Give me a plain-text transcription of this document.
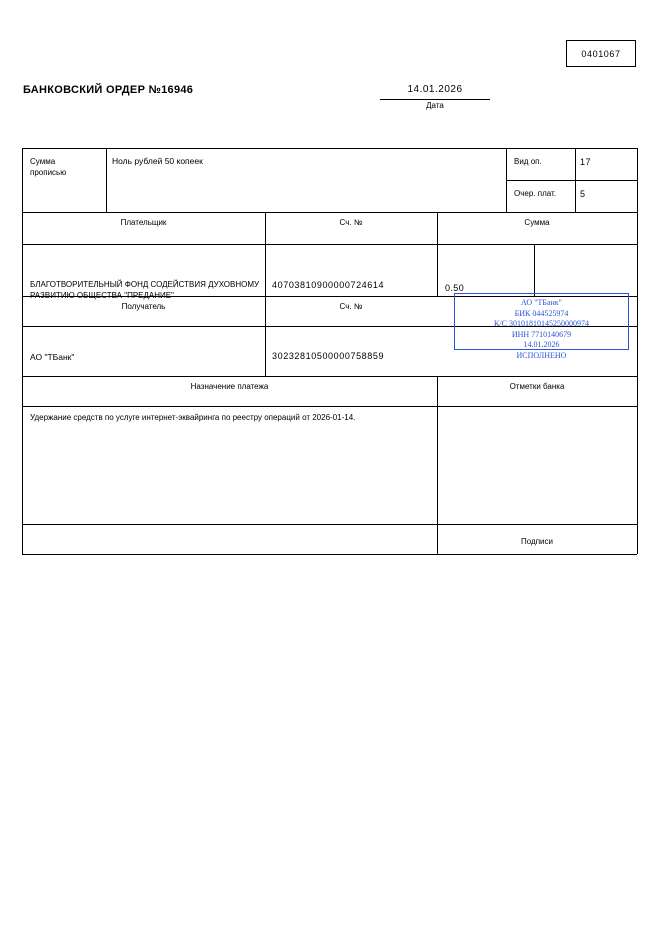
0401067
БАНКОВСКИЙ ОРДЕР №16946	14.01.2026
Дата
Сумма
прописью
Ноль рублей 50 копеек	Вид оп.	17
Очер. плат.	5
Плательщик	Сч. №	Сумма
БЛАГОТВОРИТЕЛЬНЫЙ ФОНД СОДЕЙСТВИЯ ДУХОВНОМУ РАЗВИТИЮ ОБЩЕСТВА "ПРЕДАНИЕ"
40703810900000724614	0.50
Получатель	Сч. №
АО "ТБанк"	30232810500000758859
Назначение платежа	Отметки банка
Удержание средств по услуге интернет-эквайринга по реестру операций от 2026-01-14.
АО "ТБанк"
БИК 044525974
К/С 30101810145250000974
ИНН 7710140679
14.01.2026
ИСПОЛНЕНО
Подписи
